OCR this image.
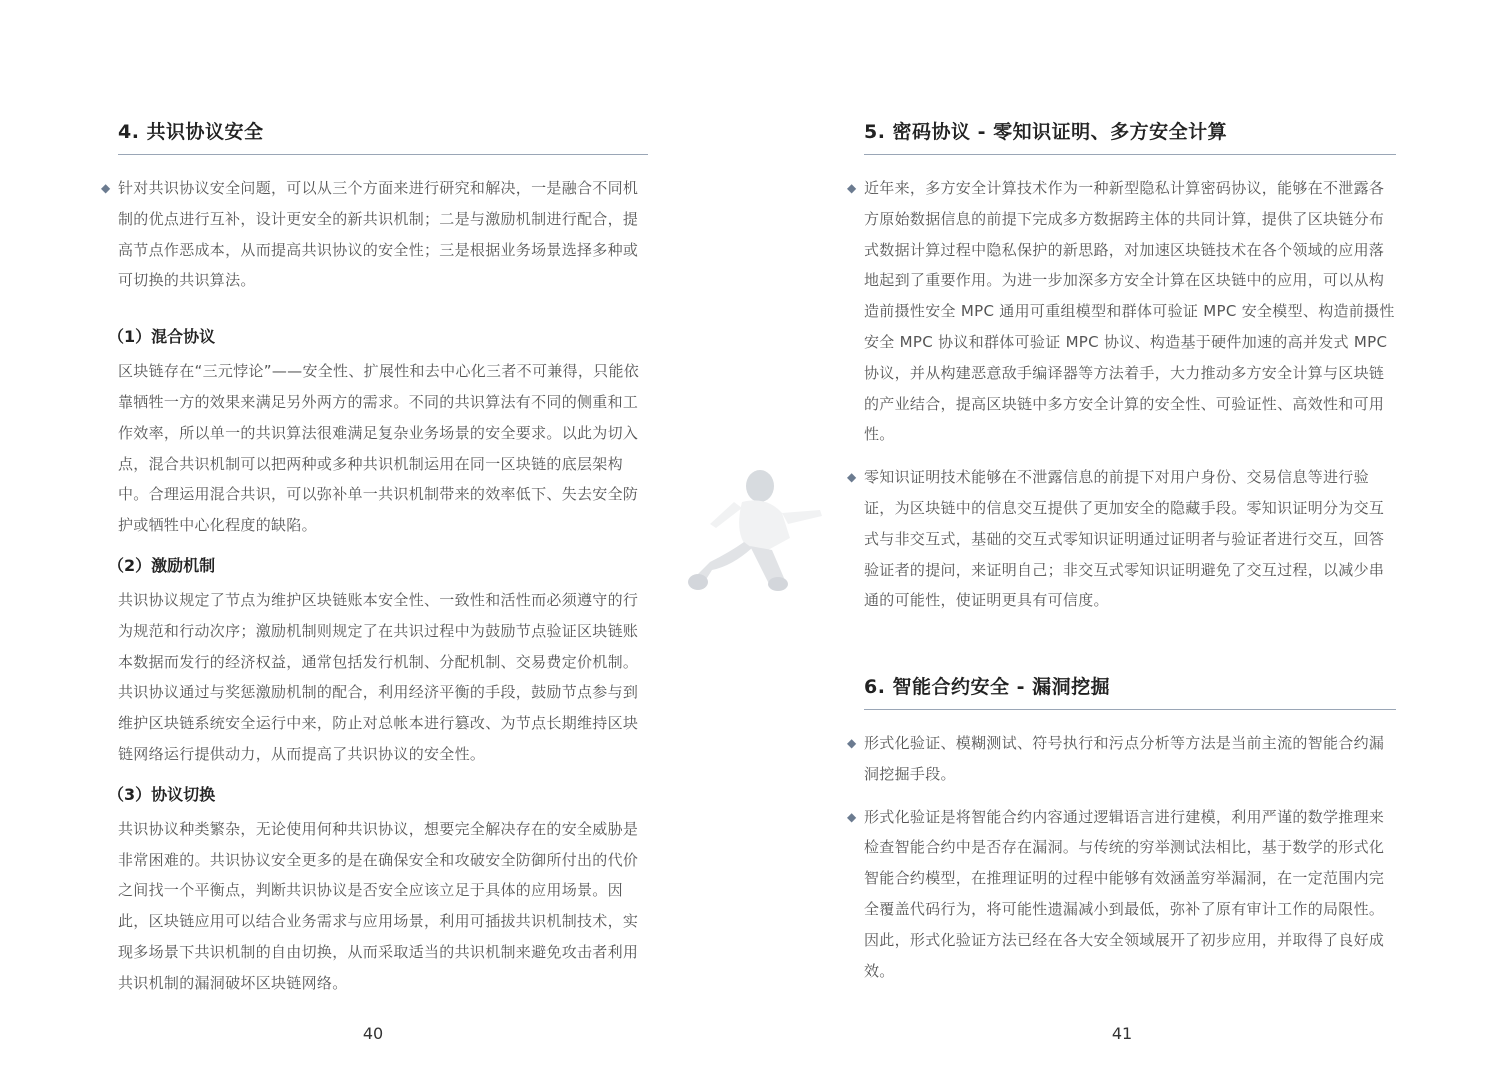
4. 共识协议安全

◆ 针对共识协议安全问题，可以从三个方面来进行研究和解决，一是融合不同机制的优点进行互补，设计更安全的新共识机制；二是与激励机制进行配合，提高节点作恶成本，从而提高共识协议的安全性；三是根据业务场景选择多种或可切换的共识算法。

（1）混合协议

区块链存在“三元悖论”——安全性、扩展性和去中心化三者不可兼得，只能依靠牺牲一方的效果来满足另外两方的需求。不同的共识算法有不同的侧重和工作效率，所以单一的共识算法很难满足复杂业务场景的安全要求。以此为切入点，混合共识机制可以把两种或多种共识机制运用在同一区块链的底层架构中。合理运用混合共识，可以弥补单一共识机制带来的效率低下、失去安全防护或牺牲中心化程度的缺陷。

（2）激励机制

共识协议规定了节点为维护区块链账本安全性、一致性和活性而必须遵守的行为规范和行动次序；激励机制则规定了在共识过程中为鼓励节点验证区块链账本数据而发行的经济权益，通常包括发行机制、分配机制、交易费定价机制。共识协议通过与奖惩激励机制的配合，利用经济平衡的手段，鼓励节点参与到维护区块链系统安全运行中来，防止对总帐本进行篡改、为节点长期维持区块链网络运行提供动力，从而提高了共识协议的安全性。

（3）协议切换

共识协议种类繁杂，无论使用何种共识协议，想要完全解决存在的安全威胁是非常困难的。共识协议安全更多的是在确保安全和攻破安全防御所付出的代价之间找一个平衡点，判断共识协议是否安全应该立足于具体的应用场景。因此，区块链应用可以结合业务需求与应用场景，利用可插拔共识机制技术，实现多场景下共识机制的自由切换，从而采取适当的共识机制来避免攻击者利用共识机制的漏洞破坏区块链网络。

40
5. 密码协议 - 零知识证明、多方安全计算

◆ 近年来，多方安全计算技术作为一种新型隐私计算密码协议，能够在不泄露各方原始数据信息的前提下完成多方数据跨主体的共同计算，提供了区块链分布式数据计算过程中隐私保护的新思路，对加速区块链技术在各个领域的应用落地起到了重要作用。为进一步加深多方安全计算在区块链中的应用，可以从构造前摄性安全 MPC 通用可重组模型和群体可验证 MPC 安全模型、构造前摄性安全 MPC 协议和群体可验证 MPC 协议、构造基于硬件加速的高并发式 MPC 协议，并从构建恶意敌手编译器等方法着手，大力推动多方安全计算与区块链的产业结合，提高区块链中多方安全计算的安全性、可验证性、高效性和可用性。

◆ 零知识证明技术能够在不泄露信息的前提下对用户身份、交易信息等进行验证，为区块链中的信息交互提供了更加安全的隐藏手段。零知识证明分为交互式与非交互式，基础的交互式零知识证明通过证明者与验证者进行交互，回答验证者的提问，来证明自己；非交互式零知识证明避免了交互过程，以减少串通的可能性，使证明更具有可信度。

6. 智能合约安全 - 漏洞挖掘

◆ 形式化验证、模糊测试、符号执行和污点分析等方法是当前主流的智能合约漏洞挖掘手段。

◆ 形式化验证是将智能合约内容通过逻辑语言进行建模，利用严谨的数学推理来检查智能合约中是否存在漏洞。与传统的穷举测试法相比，基于数学的形式化智能合约模型，在推理证明的过程中能够有效涵盖穷举漏洞，在一定范围内完全覆盖代码行为，将可能性遗漏减小到最低，弥补了原有审计工作的局限性。因此，形式化验证方法已经在各大安全领域展开了初步应用，并取得了良好成效。

41
